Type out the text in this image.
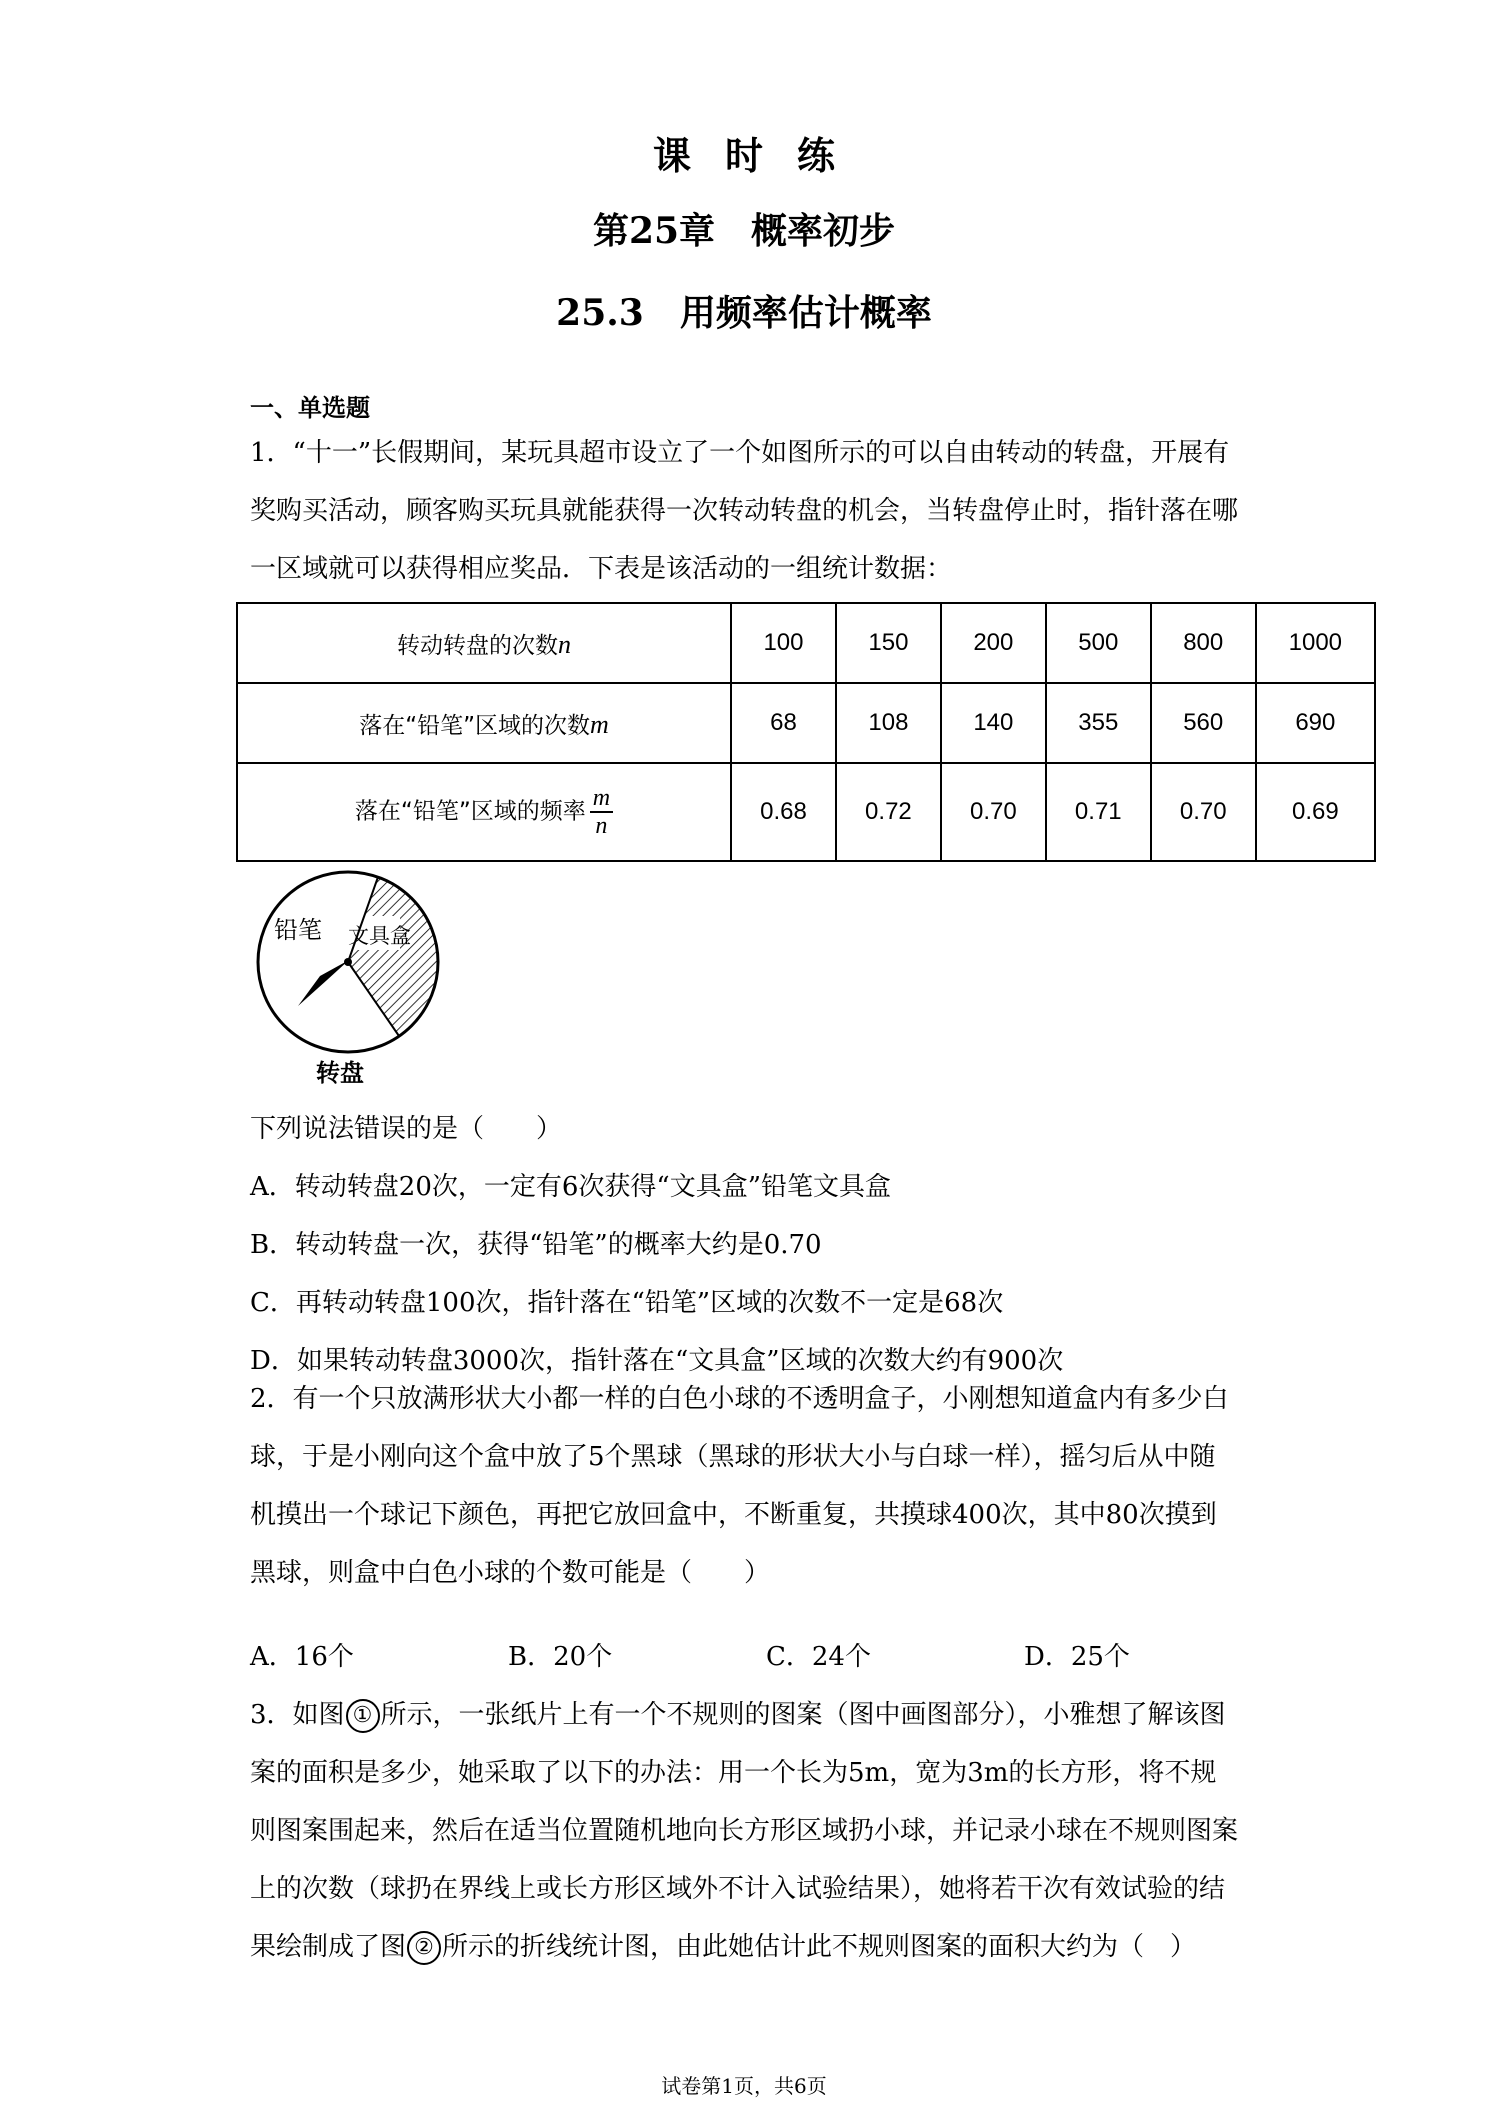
课时练
第25章　概率初步
25.3　用频率估计概率
一、单选题
1．“十一”长假期间，某玩具超市设立了一个如图所示的可以自由转动的转盘，开展有
奖购买活动，顾客购买玩具就能获得一次转动转盘的机会，当转盘停止时，指针落在哪
一区域就可以获得相应奖品．下表是该活动的一组统计数据：
转动转盘的次数n	100	150	200	500	800	1000
落在“铅笔”区域的次数m	68	108	140	355	560	690
落在“铅笔”区域的频率 $\frac{m}{n}$	0.68	0.72	0.70	0.71	0.70	0.69
铅笔 文具盒
转盘
下列说法错误的是（　　）
A．转动转盘20次，一定有6次获得“文具盒”铅笔文具盒
B．转动转盘一次，获得“铅笔”的概率大约是0.70
C．再转动转盘100次，指针落在“铅笔”区域的次数不一定是68次
D．如果转动转盘3000次，指针落在“文具盒”区域的次数大约有900次
2．有一个只放满形状大小都一样的白色小球的不透明盒子，小刚想知道盒内有多少白
球，于是小刚向这个盒中放了5个黑球（黑球的形状大小与白球一样），摇匀后从中随
机摸出一个球记下颜色，再把它放回盒中，不断重复，共摸球400次，其中80次摸到
黑球，则盒中白色小球的个数可能是（　　）
A．16个	B．20个	C．24个	D．25个
3．如图 ① 所示，一张纸片上有一个不规则的图案（图中画图部分），小雅想了解该图
案的面积是多少，她采取了以下的办法：用一个长为5m，宽为3m的长方形，将不规
则图案围起来，然后在适当位置随机地向长方形区域扔小球，并记录小球在不规则图案
上的次数（球扔在界线上或长方形区域外不计入试验结果），她将若干次有效试验的结
果绘制成了图 ② 所示的折线统计图，由此她估计此不规则图案的面积大约为（　）
试卷第1页，共6页
